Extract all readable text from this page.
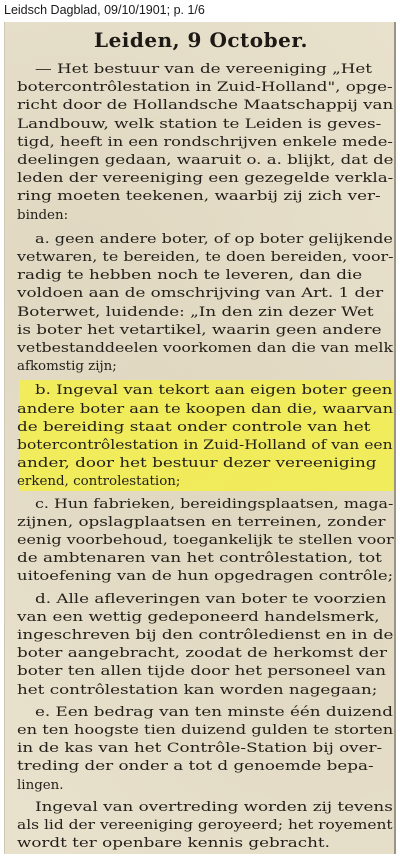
Leidsch Dagblad, 09/10/1901; p. 1/6
Leiden, 9 October.
— Het bestuur van de vereeniging „Het
botercontrôlestation in Zuid-Holland", opge-
richt door de Hollandsche Maatschappij van
Landbouw, welk station te Leiden is geves-
tigd, heeft in een rondschrijven enkele mede-
deelingen gedaan, waaruit o. a. blijkt, dat de
leden der vereeniging een gezegelde verkla-
ring moeten teekenen, waarbij zij zich ver-
binden:
a. geen andere boter, of op boter gelijkende
vetwaren, te bereiden, te doen bereiden, voor-
radig te hebben noch te leveren, dan die
voldoen aan de omschrijving van Art. 1 der
Boterwet, luidende: „In den zin dezer Wet
is boter het vetartikel, waarin geen andere
vetbestanddeelen voorkomen dan die van melk
afkomstig zijn;
b. Ingeval van tekort aan eigen boter geen
andere boter aan te koopen dan die, waarvan
de bereiding staat onder controle van het
botercontrôlestation in Zuid-Holland of van een
ander, door het bestuur dezer vereeniging
erkend, controlestation;
c. Hun fabrieken, bereidingsplaatsen, maga-
zijnen, opslagplaatsen en terreinen, zonder
eenig voorbehoud, toegankelijk te stellen voor
de ambtenaren van het contrôlestation, tot
uitoefening van de hun opgedragen contrôle;
d. Alle afleveringen van boter te voorzien
van een wettig gedeponeerd handelsmerk,
ingeschreven bij den contrôledienst en in de
boter aangebracht, zoodat de herkomst der
boter ten allen tijde door het personeel van
het contrôlestation kan worden nagegaan;
e. Een bedrag van ten minste één duizend
en ten hoogste tien duizend gulden te storten
in de kas van het Contrôle-Station bij over-
treding der onder a tot d genoemde bepa-
lingen.
Ingeval van overtreding worden zij tevens
als lid der vereeniging geroyeerd; het royement
wordt ter openbare kennis gebracht.
